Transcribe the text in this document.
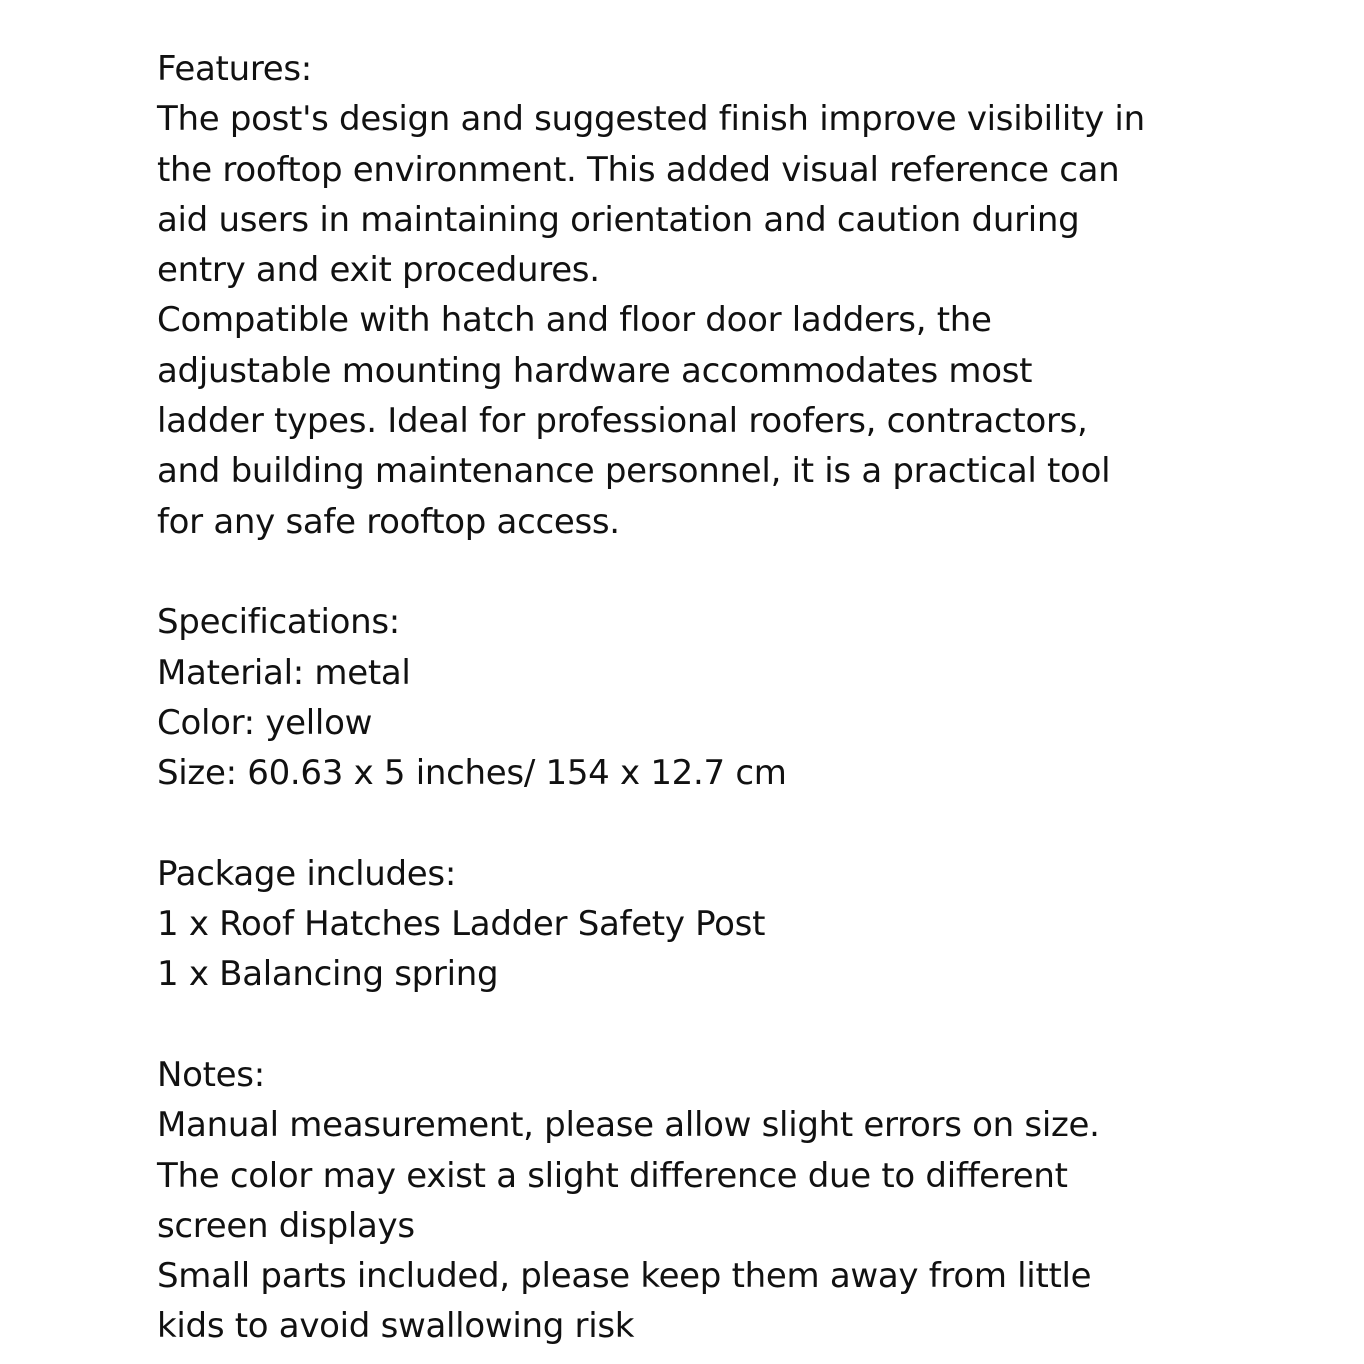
Features:
The post's design and suggested finish improve visibility in
the rooftop environment. This added visual reference can
aid users in maintaining orientation and caution during
entry and exit procedures.
Compatible with hatch and floor door ladders, the
adjustable mounting hardware accommodates most
ladder types. Ideal for professional roofers, contractors,
and building maintenance personnel, it is a practical tool
for any safe rooftop access.
Specifications:
Material: metal
Color: yellow
Size: 60.63 x 5 inches/ 154 x 12.7 cm
Package includes:
1 x Roof Hatches Ladder Safety Post
1 x Balancing spring
Notes:
Manual measurement, please allow slight errors on size.
The color may exist a slight difference due to different
screen displays
Small parts included, please keep them away from little
kids to avoid swallowing risk
